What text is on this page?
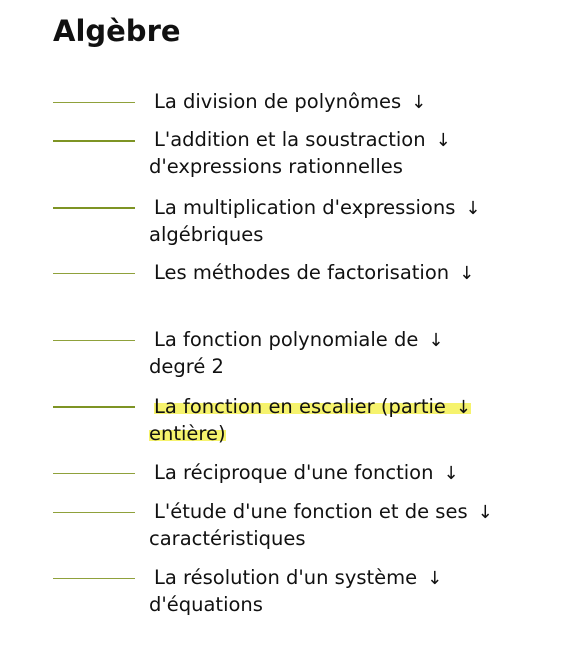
Algèbre
La division de polynômes ↓
L'addition et la soustraction ↓
d'expressions rationnelles
La multiplication d'expressions ↓
algébriques
Les méthodes de factorisation ↓
La fonction polynomiale de ↓
degré 2
La fonction en escalier (partie ↓
entière)
La réciproque d'une fonction ↓
L'étude d'une fonction et de ses ↓
caractéristiques
La résolution d'un système ↓
d'équations
